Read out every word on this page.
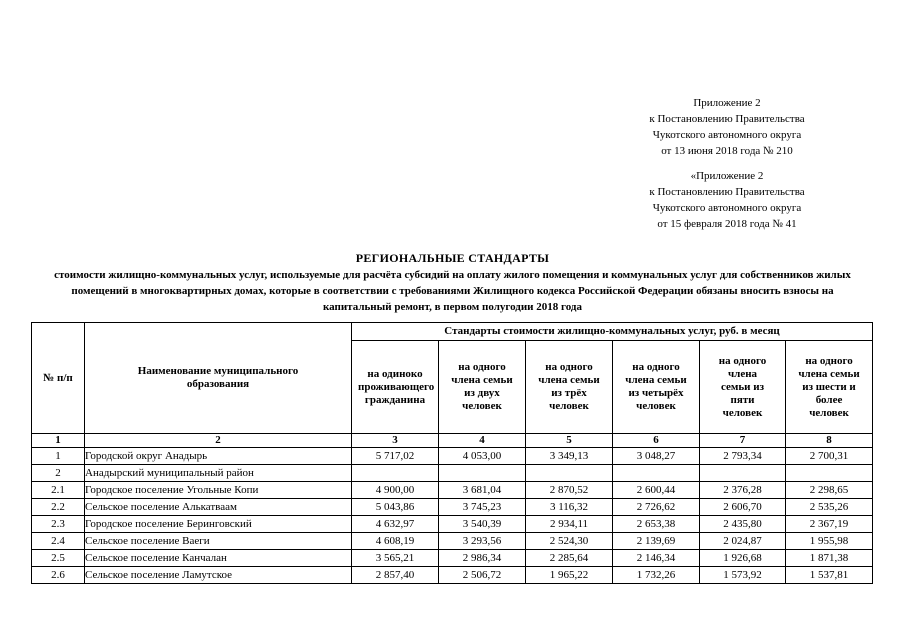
Приложение 2
к Постановлению Правительства
Чукотского автономного округа
от 13 июня 2018 года № 210
«Приложение 2
к Постановлению Правительства
Чукотского автономного округа
от 15 февраля 2018 года № 41
РЕГИОНАЛЬНЫЕ СТАНДАРТЫ
стоимости жилищно-коммунальных услуг, используемые для расчёта субсидий на оплату жилого помещения и коммунальных услуг для собственников жилых помещений в многоквартирных домах, которые в соответствии с требованиями Жилищного кодекса Российской Федерации обязаны вносить взносы на капитальный ремонт, в первом полугодии 2018 года
№ п/п	Наименование муниципального образования	Стандарты стоимости жилищно-коммунальных услуг, руб. в месяц					
		на одиноко проживающего гражданина	на одного члена семьи из двух человек	на одного члена семьи из трёх человек	на одного члена семьи из четырёх человек	на одного члена семьи из пяти человек	на одного члена семьи из шести и более человек
1	2	3	4	5	6	7	8
1	Городской округ Анадырь	5 717,02	4 053,00	3 349,13	3 048,27	2 793,34	2 700,31
2	Анадырский муниципальный район						
2.1	Городское поселение Угольные Копи	4 900,00	3 681,04	2 870,52	2 600,44	2 376,28	2 298,65
2.2	Сельское поселение Алькатваам	5 043,86	3 745,23	3 116,32	2 726,62	2 606,70	2 535,26
2.3	Городское поселение Беринговский	4 632,97	3 540,39	2 934,11	2 653,38	2 435,80	2 367,19
2.4	Сельское поселение Ваеги	4 608,19	3 293,56	2 524,30	2 139,69	2 024,87	1 955,98
2.5	Сельское поселение Канчалан	3 565,21	2 986,34	2 285,64	2 146,34	1 926,68	1 871,38
2.6	Сельское поселение Ламутское	2 857,40	2 506,72	1 965,22	1 732,26	1 573,92	1 537,81
